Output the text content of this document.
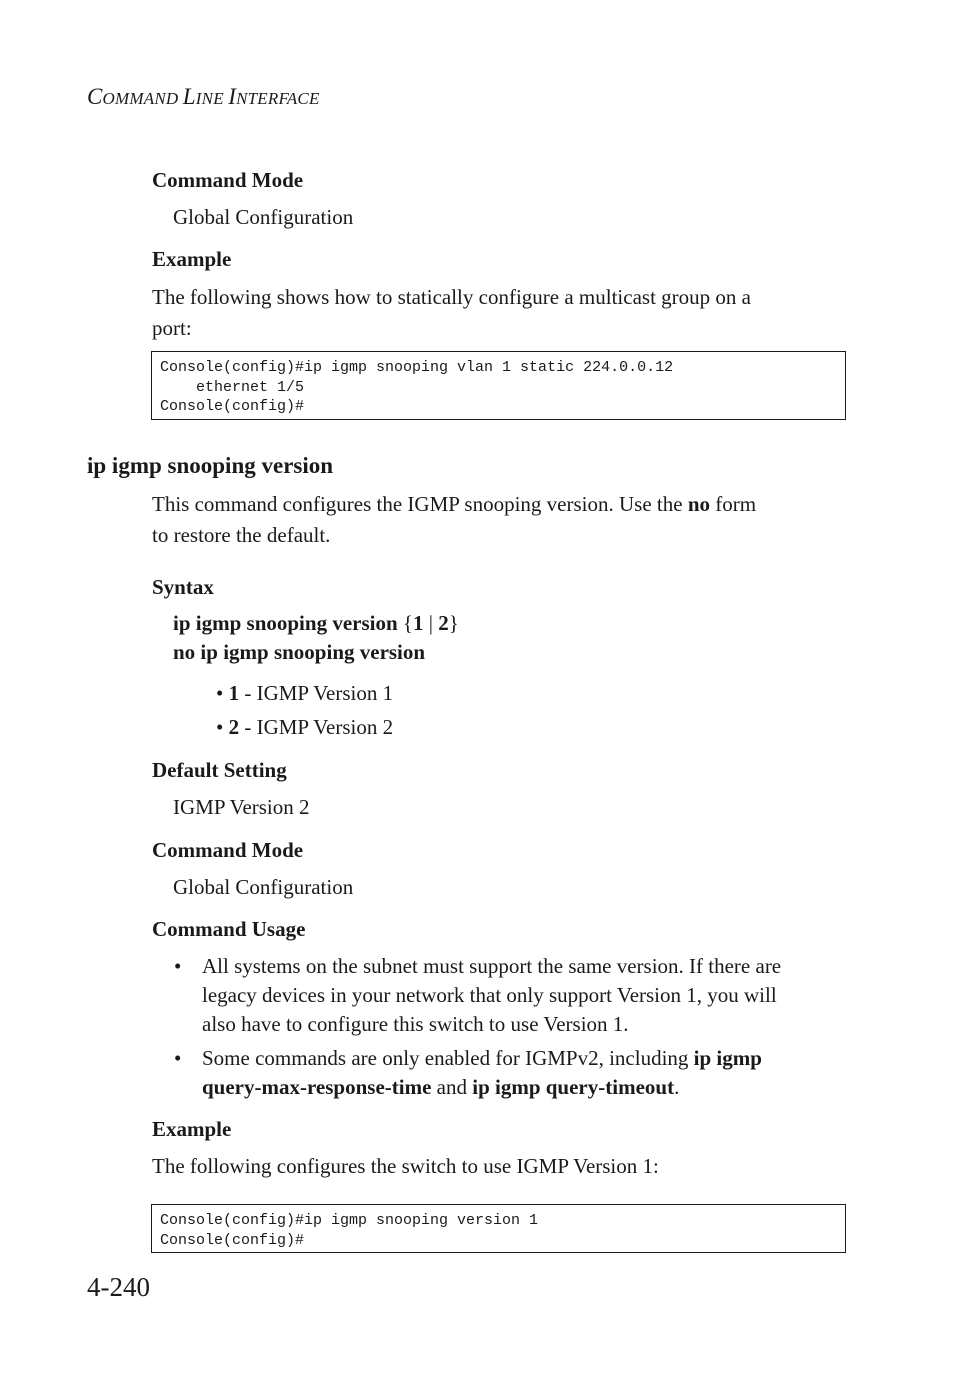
COMMAND LINE INTERFACE
Command Mode
Global Configuration
Example
The following shows how to statically configure a multicast group on a
port:
Console(config)#ip igmp snooping vlan 1 static 224.0.0.12
ethernet 1/5
Console(config)#
ip igmp snooping version
This command configures the IGMP snooping version. Use the no form
to restore the default.
Syntax
ip igmp snooping version {1 | 2}
no ip igmp snooping version
• 1 - IGMP Version 1
• 2 - IGMP Version 2
Default Setting
IGMP Version 2
Command Mode
Global Configuration
Command Usage
• All systems on the subnet must support the same version. If there are
legacy devices in your network that only support Version 1, you will
also have to configure this switch to use Version 1.
• Some commands are only enabled for IGMPv2, including ip igmp
query-max-response-time and ip igmp query-timeout.
Example
The following configures the switch to use IGMP Version 1:
Console(config)#ip igmp snooping version 1
Console(config)#
4-240
